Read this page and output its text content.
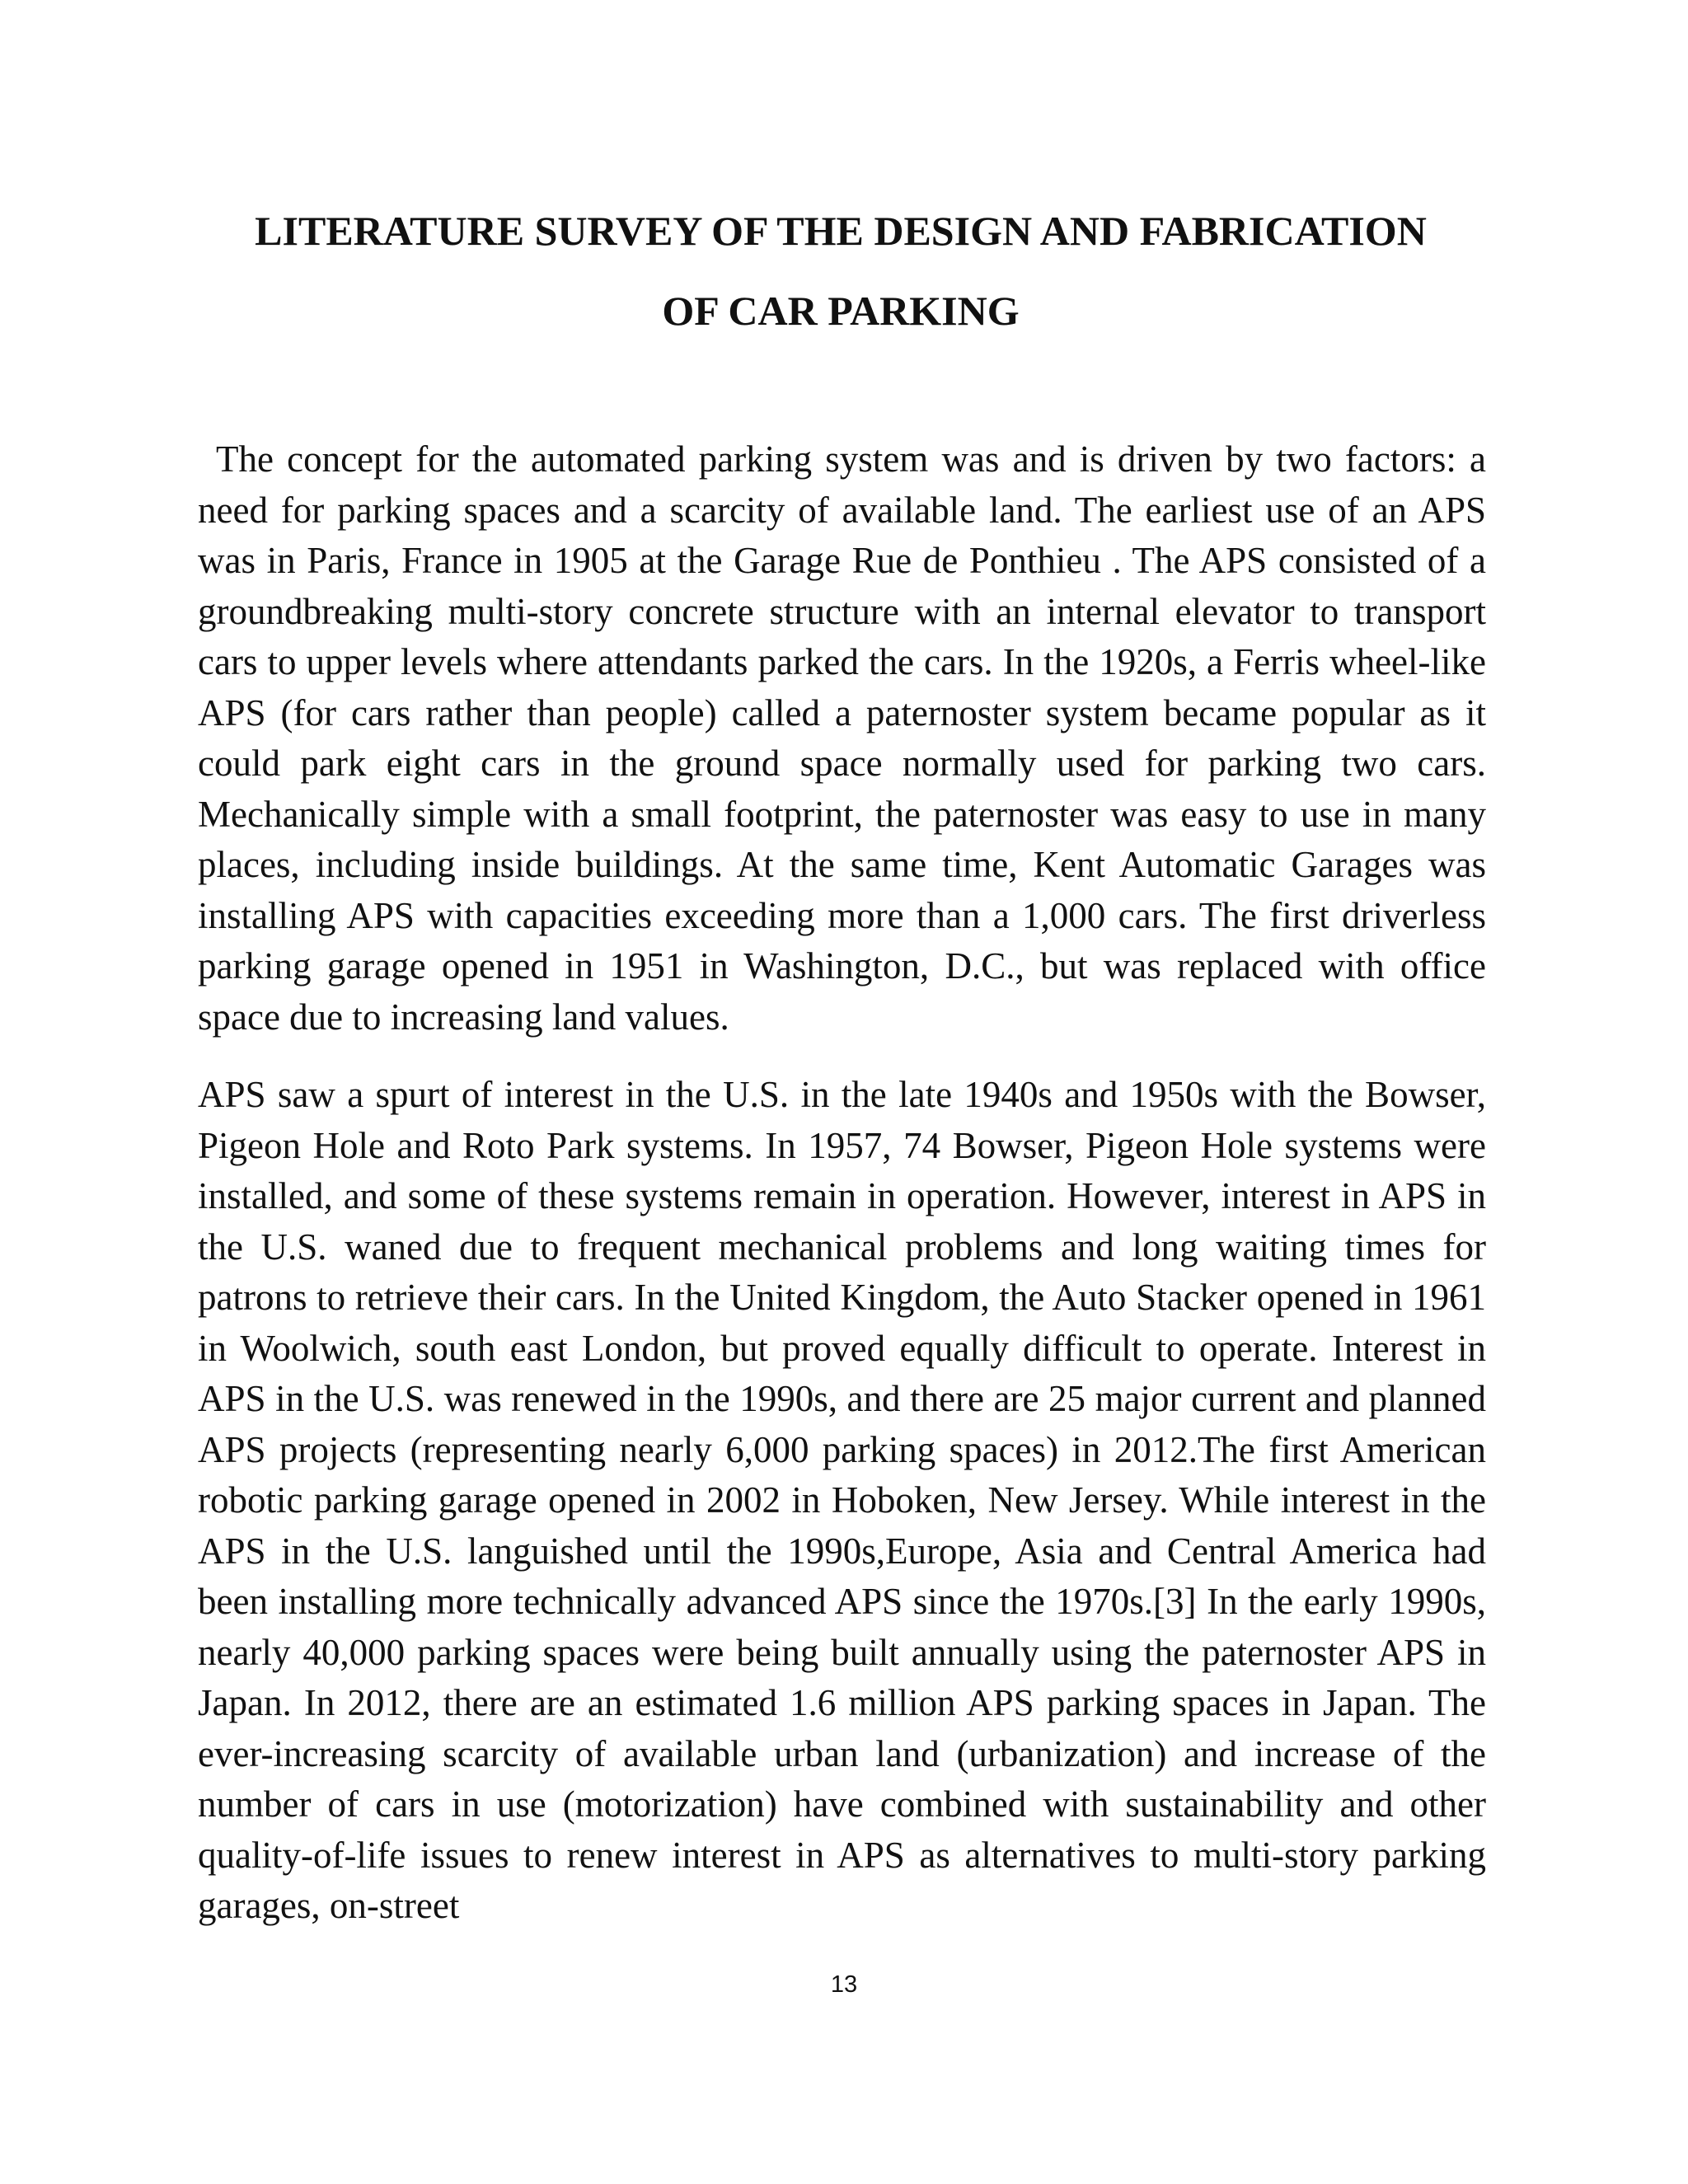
LITERATURE SURVEY OF THE DESIGN AND FABRICATION
OF CAR PARKING

The concept for the automated parking system was and is driven by two factors: a need for parking spaces and a scarcity of available land. The earliest use of an APS was in Paris, France in 1905 at the Garage Rue de Ponthieu . The APS consisted of a groundbreaking multi-story concrete structure with an internal elevator to transport cars to upper levels where attendants parked the cars. In the 1920s, a Ferris wheel-like APS (for cars rather than people) called a paternoster system became popular as it could park eight cars in the ground space normally used for parking two cars. Mechanically simple with a small footprint, the paternoster was easy to use in many places, including inside buildings. At the same time, Kent Automatic Garages was installing APS with capacities exceeding more than a 1,000 cars. The first driverless parking garage opened in 1951 in Washington, D.C., but was replaced with office space due to increasing land values.

APS saw a spurt of interest in the U.S. in the late 1940s and 1950s with the Bowser, Pigeon Hole and Roto Park systems. In 1957, 74 Bowser, Pigeon Hole systems were installed, and some of these systems remain in operation. However, interest in APS in the U.S. waned due to frequent mechanical problems and long waiting times for patrons to retrieve their cars. In the United Kingdom, the Auto Stacker opened in 1961 in Woolwich, south east London, but proved equally difficult to operate. Interest in APS in the U.S. was renewed in the 1990s, and there are 25 major current and planned APS projects (representing nearly 6,000 parking spaces) in 2012.The first American robotic parking garage opened in 2002 in Hoboken, New Jersey. While interest in the APS in the U.S. languished until the 1990s,Europe, Asia and Central America had been installing more technically advanced APS since the 1970s.[3] In the early 1990s, nearly 40,000 parking spaces were being built annually using the paternoster APS in Japan. In 2012, there are an estimated 1.6 million APS parking spaces in Japan. The ever-increasing scarcity of available urban land (urbanization) and increase of the number of cars in use (motorization) have combined with sustainability and other quality-of-life issues to renew interest in APS as alternatives to multi-story parking garages, on-street

13
